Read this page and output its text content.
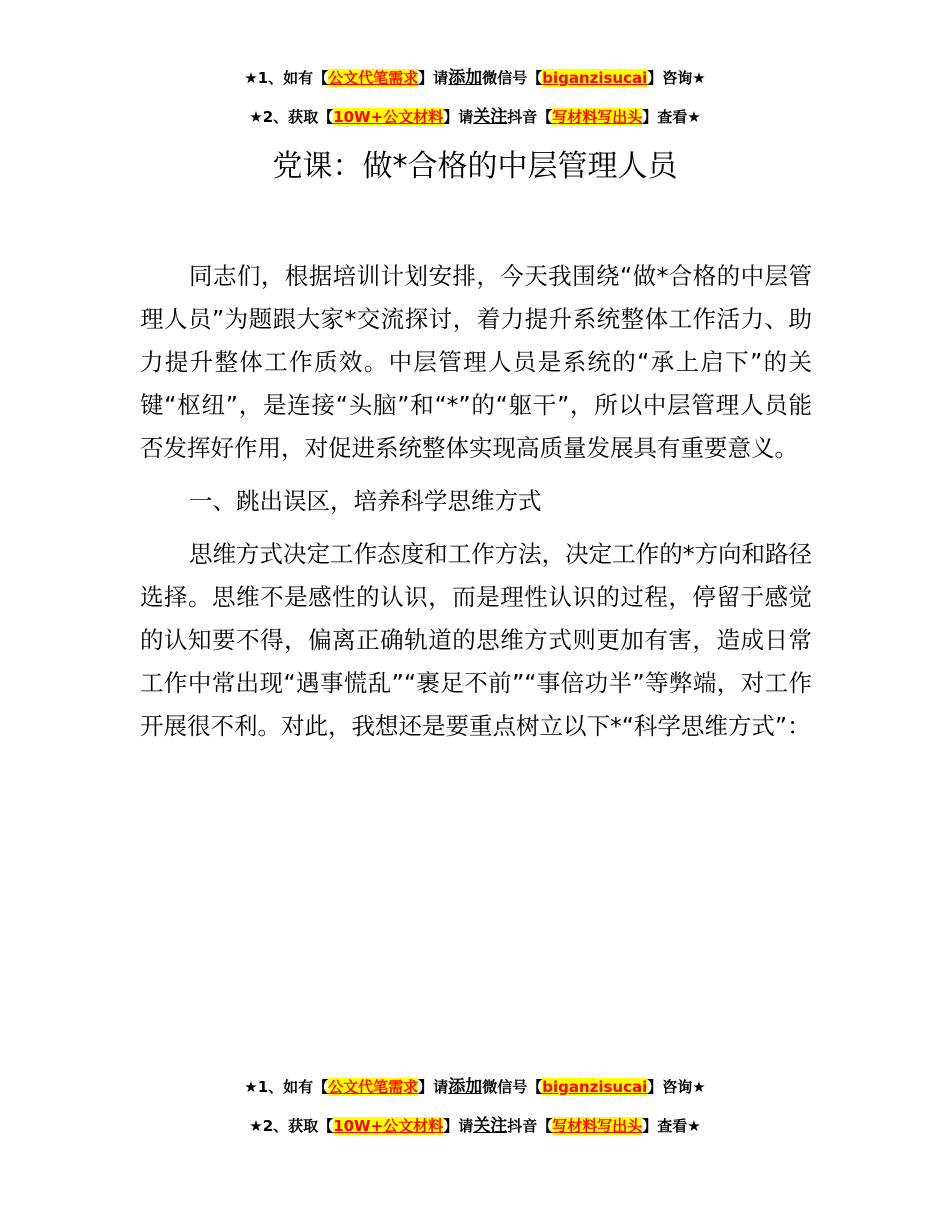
★1、如有【公文代笔需求】请添加微信号【biganzisucai】咨询★
★2、获取【10W+公文材料】请关注抖音【写材料写出头】查看★
党课：做*合格的中层管理人员

同志们，根据培训计划安排，今天我围绕“做*合格的中层管理人员”为题跟大家*交流探讨，着力提升系统整体工作活力、助力提升整体工作质效。中层管理人员是系统的“承上启下”的关键“枢纽”，是连接“头脑”和“*”的“躯干”，所以中层管理人员能否发挥好作用，对促进系统整体实现高质量发展具有重要意义。

一、跳出误区，培养科学思维方式

思维方式决定工作态度和工作方法，决定工作的*方向和路径选择。思维不是感性的认识，而是理性认识的过程，停留于感觉的认知要不得，偏离正确轨道的思维方式则更加有害，造成日常工作中常出现“遇事慌乱”“裹足不前”“事倍功半”等弊端，对工作开展很不利。对此，我想还是要重点树立以下*“科学思维方式”：

★1、如有【公文代笔需求】请添加微信号【biganzisucai】咨询★
★2、获取【10W+公文材料】请关注抖音【写材料写出头】查看★
